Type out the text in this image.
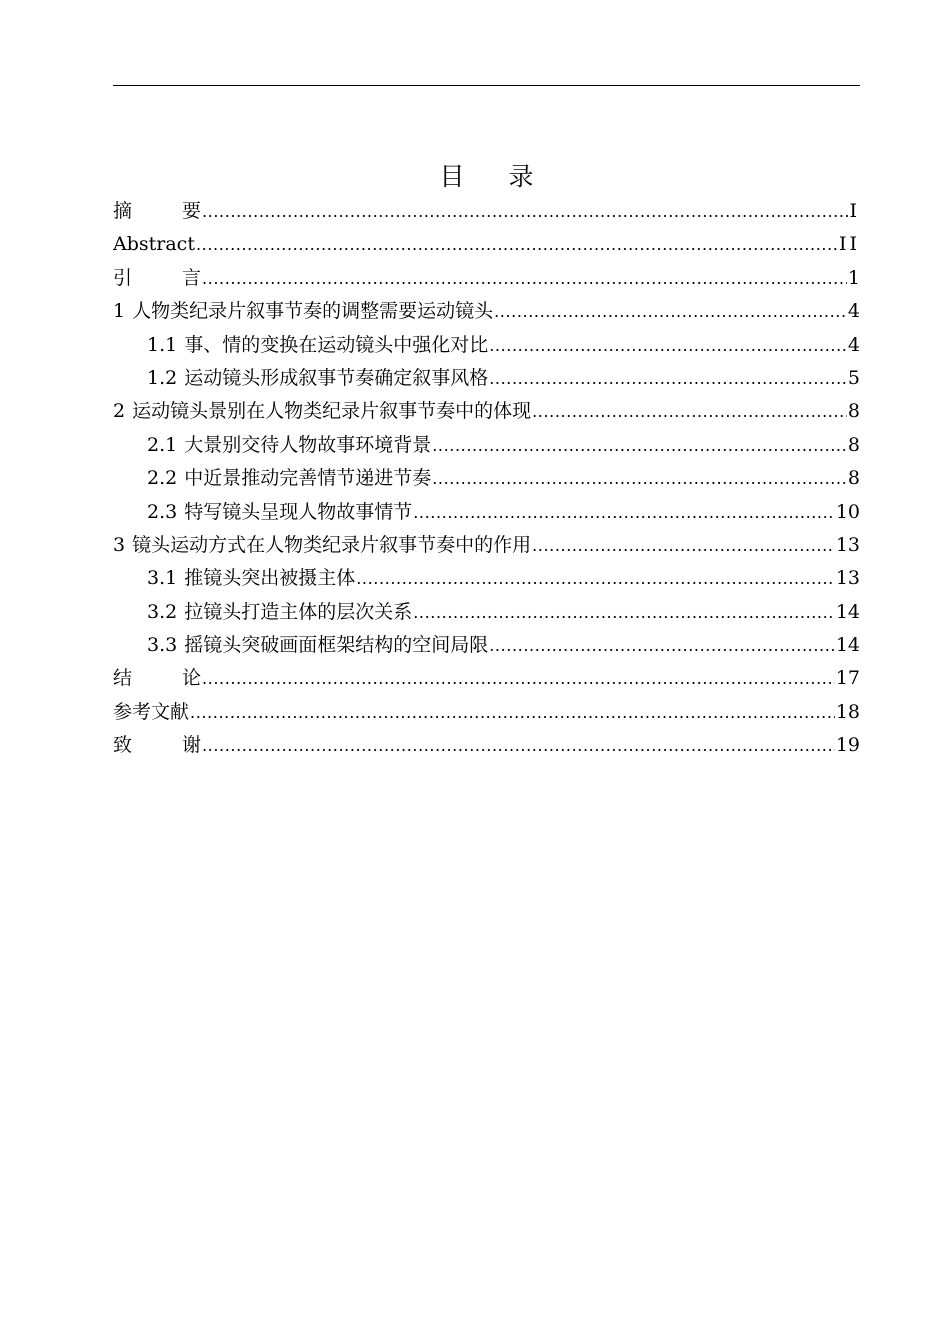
目 录
摘	要 .....	I
Abstract .....	II
引	言 .....	1
1 人物类纪录片叙事节奏的调整需要运动镜头 .....	4
1.1 事、情的变换在运动镜头中强化对比 .....	4
1.2 运动镜头形成叙事节奏确定叙事风格 .....	5
2 运动镜头景别在人物类纪录片叙事节奏中的体现 .....	8
2.1 大景别交待人物故事环境背景 .....	8
2.2 中近景推动完善情节递进节奏 .....	8
2.3 特写镜头呈现人物故事情节 .....	10
3 镜头运动方式在人物类纪录片叙事节奏中的作用 .....	13
3.1 推镜头突出被摄主体 .....	13
3.2 拉镜头打造主体的层次关系 .....	14
3.3 摇镜头突破画面框架结构的空间局限 .....	14
结	论 .....	17
参考文献 .....	18
致	谢 .....	19
